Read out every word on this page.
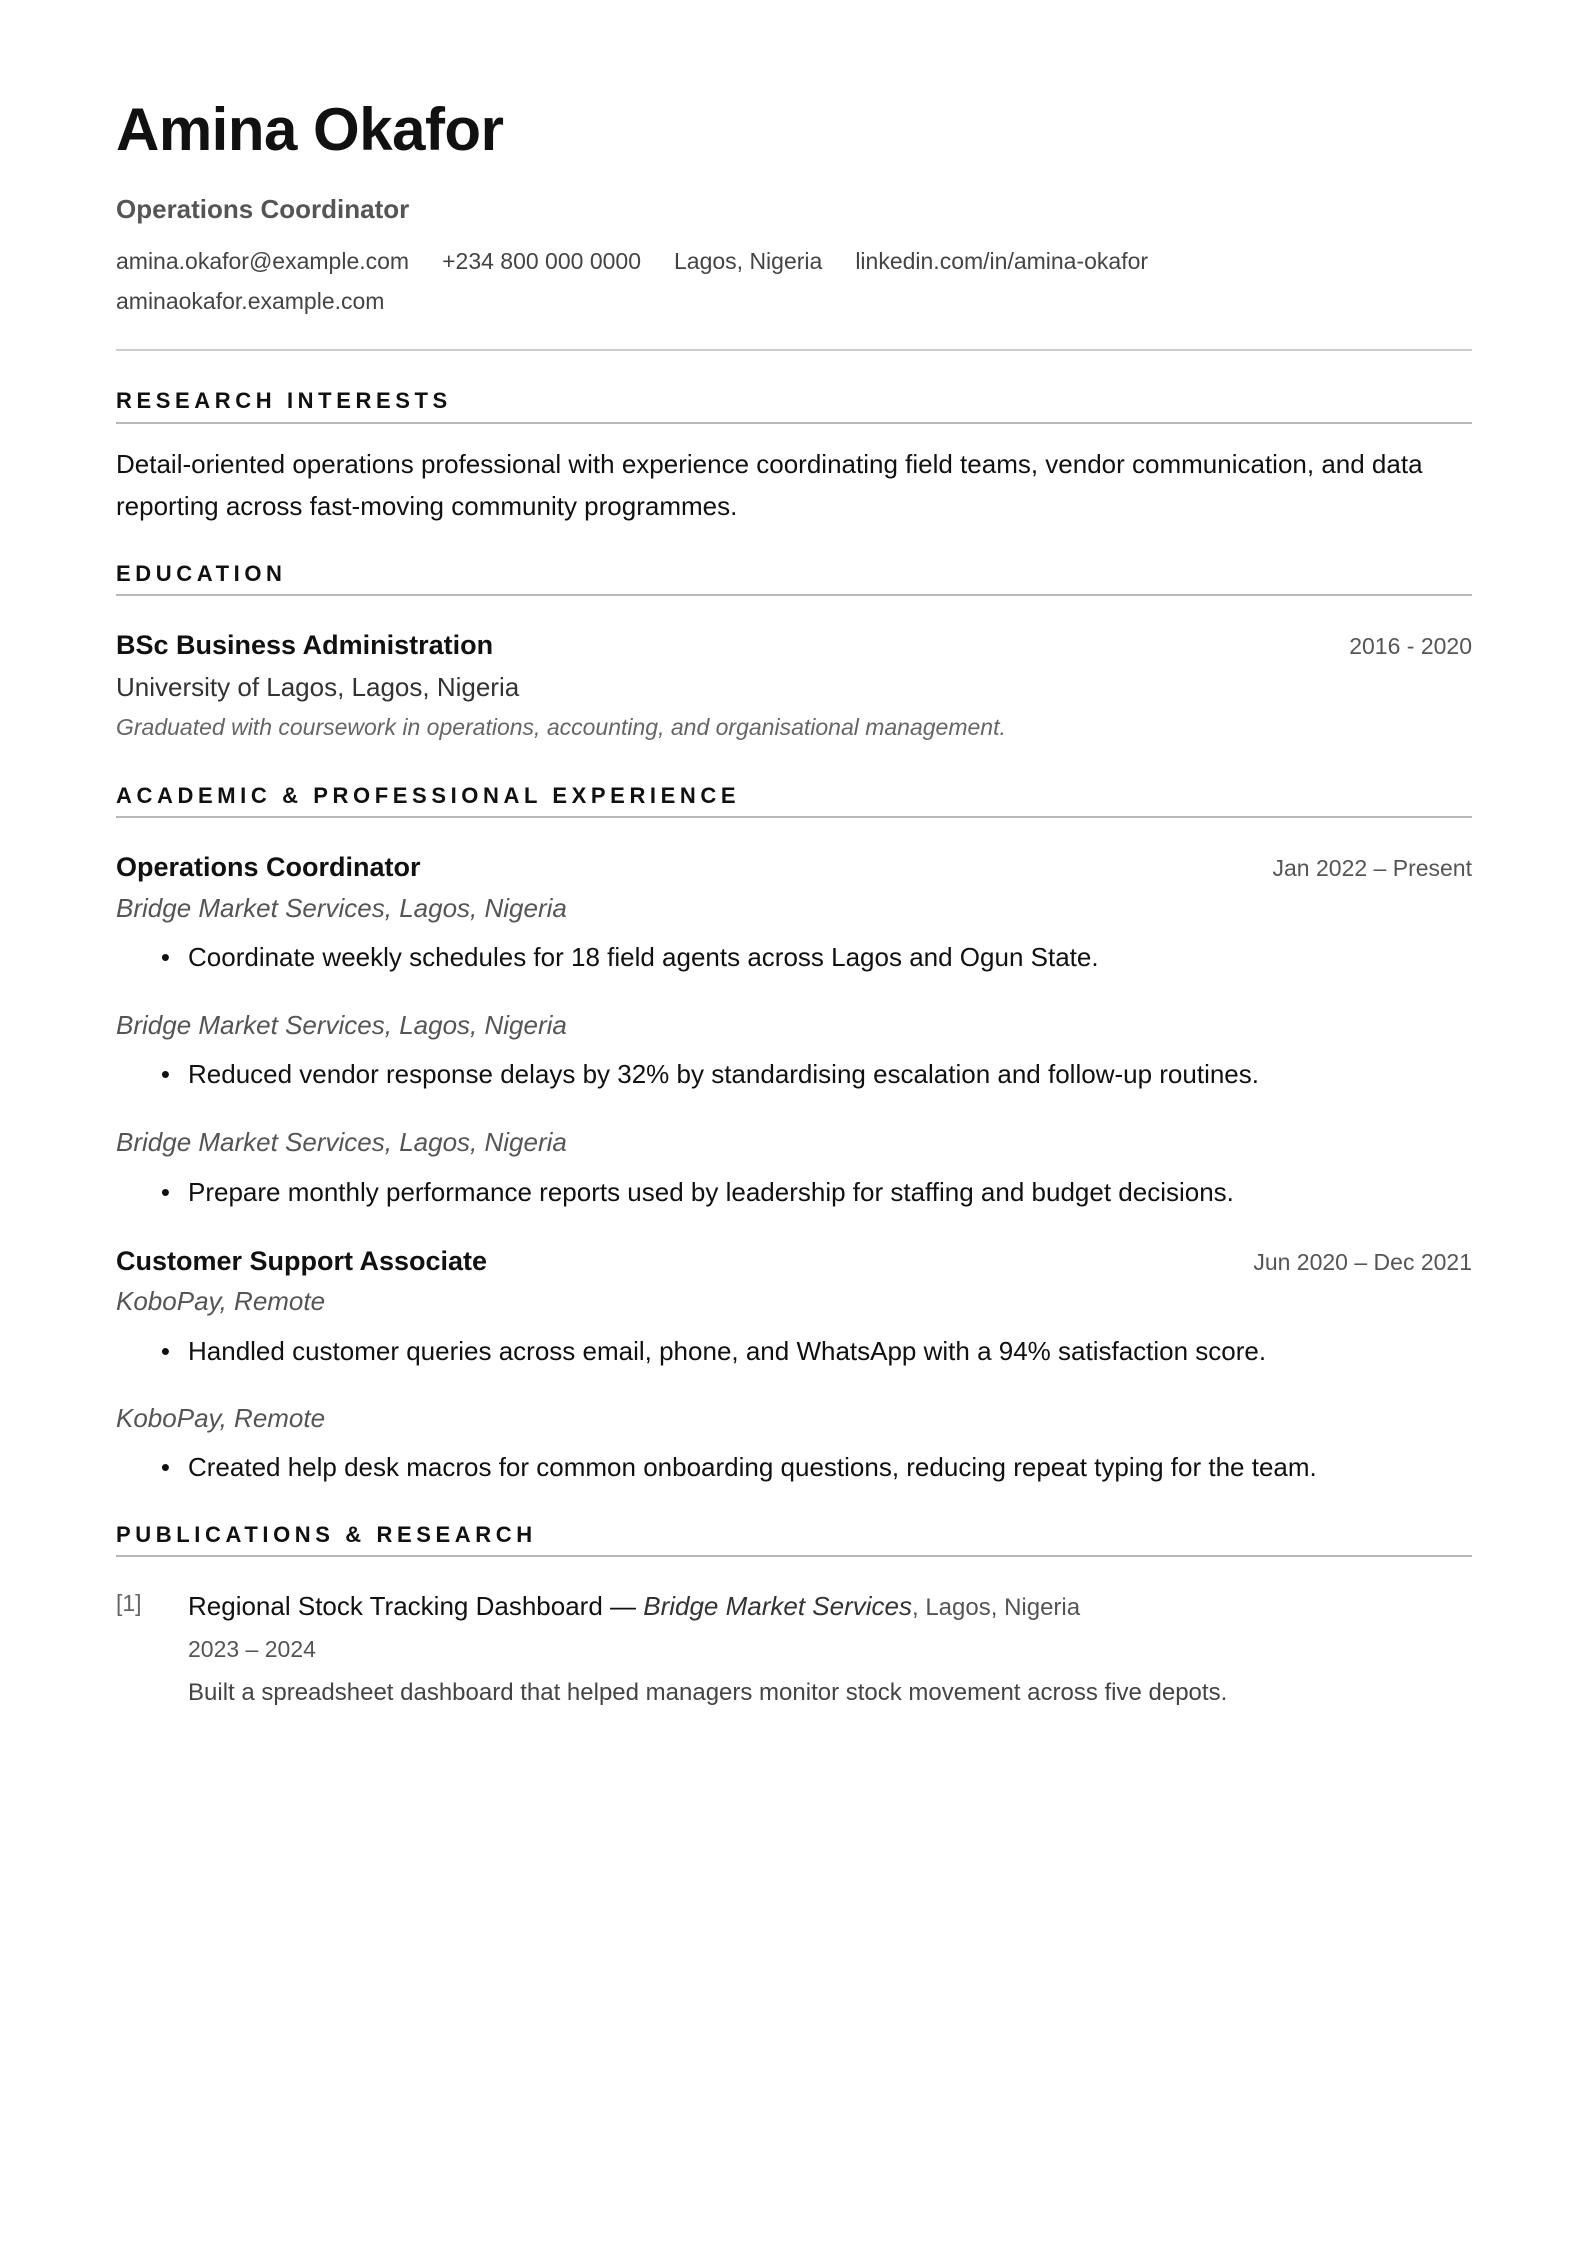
Amina Okafor
Operations Coordinator
amina.okafor@example.com +234 800 000 0000 Lagos, Nigeria linkedin.com/in/amina-okafor
aminaokafor.example.com
RESEARCH INTERESTS
Detail-oriented operations professional with experience coordinating field teams, vendor communication, and data reporting across fast-moving community programmes.
EDUCATION
BSc Business Administration	2016 - 2020
University of Lagos, Lagos, Nigeria
Graduated with coursework in operations, accounting, and organisational management.
ACADEMIC & PROFESSIONAL EXPERIENCE
Operations Coordinator	Jan 2022 – Present
Bridge Market Services, Lagos, Nigeria
• Coordinate weekly schedules for 18 field agents across Lagos and Ogun State.
Bridge Market Services, Lagos, Nigeria
• Reduced vendor response delays by 32% by standardising escalation and follow-up routines.
Bridge Market Services, Lagos, Nigeria
• Prepare monthly performance reports used by leadership for staffing and budget decisions.
Customer Support Associate	Jun 2020 – Dec 2021
KoboPay, Remote
• Handled customer queries across email, phone, and WhatsApp with a 94% satisfaction score.
KoboPay, Remote
• Created help desk macros for common onboarding questions, reducing repeat typing for the team.
PUBLICATIONS & RESEARCH
[1] Regional Stock Tracking Dashboard — Bridge Market Services, Lagos, Nigeria
2023 – 2024
Built a spreadsheet dashboard that helped managers monitor stock movement across five depots.
